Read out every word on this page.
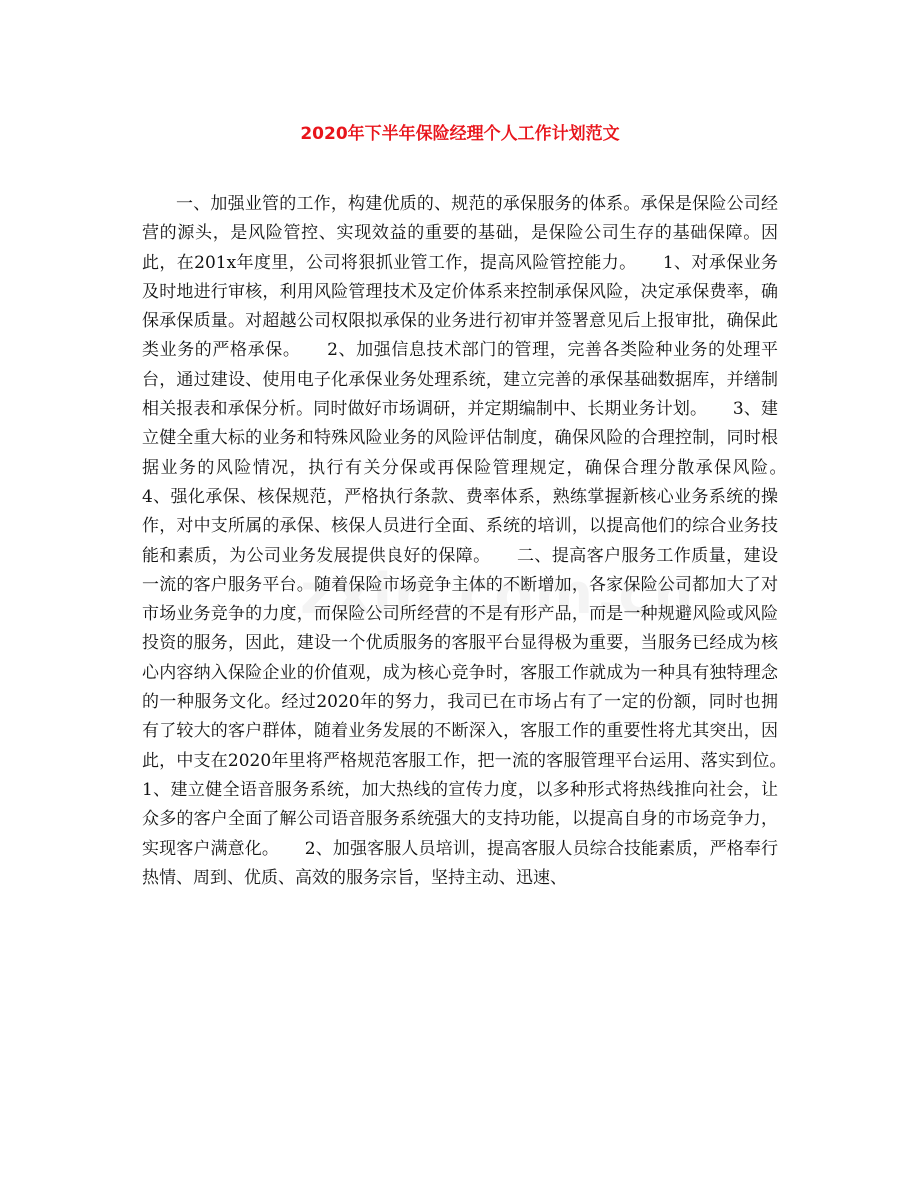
2020年下半年保险经理个人工作计划范文

一、加强业管的工作，构建优质的、规范的承保服务的体系。承保是保险公司经营的源头，是风险管控、实现效益的重要的基础，是保险公司生存的基础保障。因此，在201x年度里，公司将狠抓业管工作，提高风险管控能力。　　1、对承保业务及时地进行审核，利用风险管理技术及定价体系来控制承保风险，决定承保费率，确保承保质量。对超越公司权限拟承保的业务进行初审并签署意见后上报审批，确保此类业务的严格承保。　　2、加强信息技术部门的管理，完善各类险种业务的处理平台，通过建设、使用电子化承保业务处理系统，建立完善的承保基础数据库，并缮制相关报表和承保分析。同时做好市场调研，并定期编制中、长期业务计划。　　3、建立健全重大标的业务和特殊风险业务的风险评估制度，确保风险的合理控制，同时根据业务的风险情况，执行有关分保或再保险管理规定，确保合理分散承保风险。　　4、强化承保、核保规范，严格执行条款、费率体系，熟练掌握新核心业务系统的操作，对中支所属的承保、核保人员进行全面、系统的培训，以提高他们的综合业务技能和素质，为公司业务发展提供良好的保障。　　二、提高客户服务工作质量，建设一流的客户服务平台。随着保险市场竞争主体的不断增加，各家保险公司都加大了对市场业务竞争的力度，而保险公司所经营的不是有形产品，而是一种规避风险或风险投资的服务，因此，建设一个优质服务的客服平台显得极为重要，当服务已经成为核心内容纳入保险企业的价值观，成为核心竞争时，客服工作就成为一种具有独特理念的一种服务文化。经过2020年的努力，我司已在市场占有了一定的份额，同时也拥有了较大的客户群体，随着业务发展的不断深入，客服工作的重要性将尤其突出，因此，中支在2020年里将严格规范客服工作，把一流的客服管理平台运用、落实到位。　　1、建立健全语音服务系统，加大热线的宣传力度，以多种形式将热线推向社会，让众多的客户全面了解公司语音服务系统强大的支持功能，以提高自身的市场竞争力，实现客户满意化。　　2、加强客服人员培训，提高客服人员综合技能素质，严格奉行热情、周到、优质、高效的服务宗旨，坚持主动、迅速、
